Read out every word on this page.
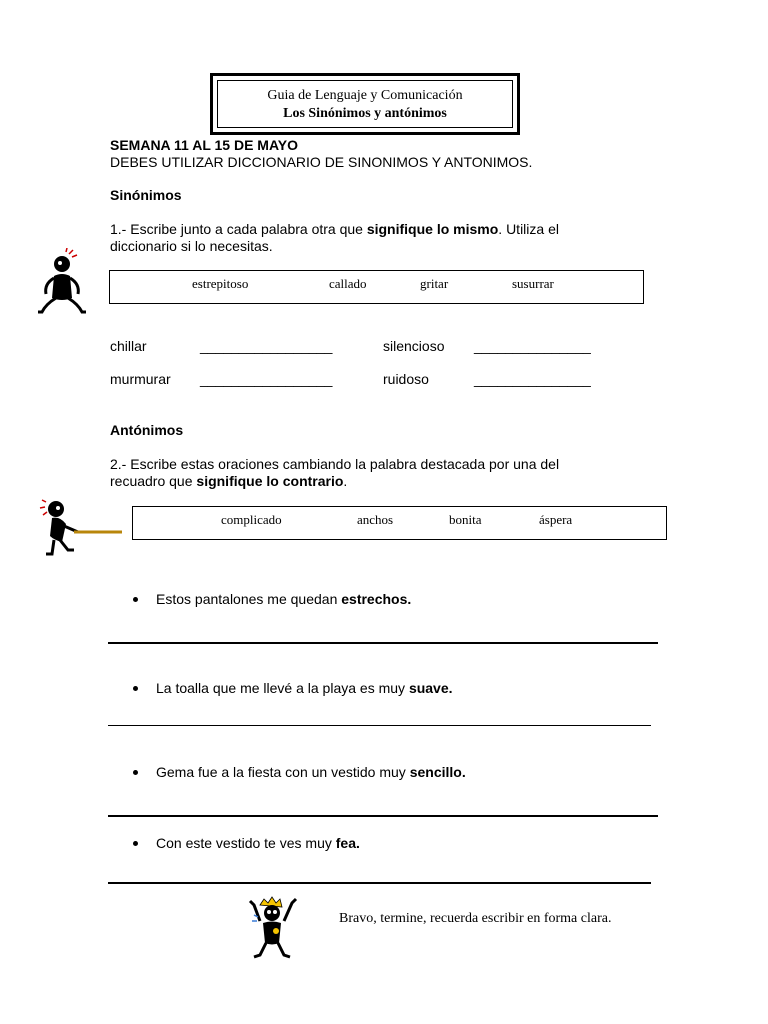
Guia de Lenguaje y Comunicación
Los Sinónimos y antónimos
SEMANA 11 AL 15 DE MAYO
DEBES UTILIZAR DICCIONARIO DE SINONIMOS Y ANTONIMOS.
Sinónimos
1.- Escribe junto a cada palabra otra que signifique lo mismo. Utiliza el
diccionario si lo necesitas.
estrepitoso	callado	gritar	susurrar
chillar	_________________	silencioso _______________
murmurar _________________	ruidoso	_______________
Antónimos
2.- Escribe estas oraciones cambiando la palabra destacada por una del
recuadro que signifique lo contrario.
complicado	anchos	bonita	áspera
Estos pantalones me quedan estrechos.
La toalla que me llevé a la playa es muy suave.
Gema fue a la fiesta con un vestido muy sencillo.
Con este vestido te ves muy fea.
Bravo, termine, recuerda escribir en forma clara.
